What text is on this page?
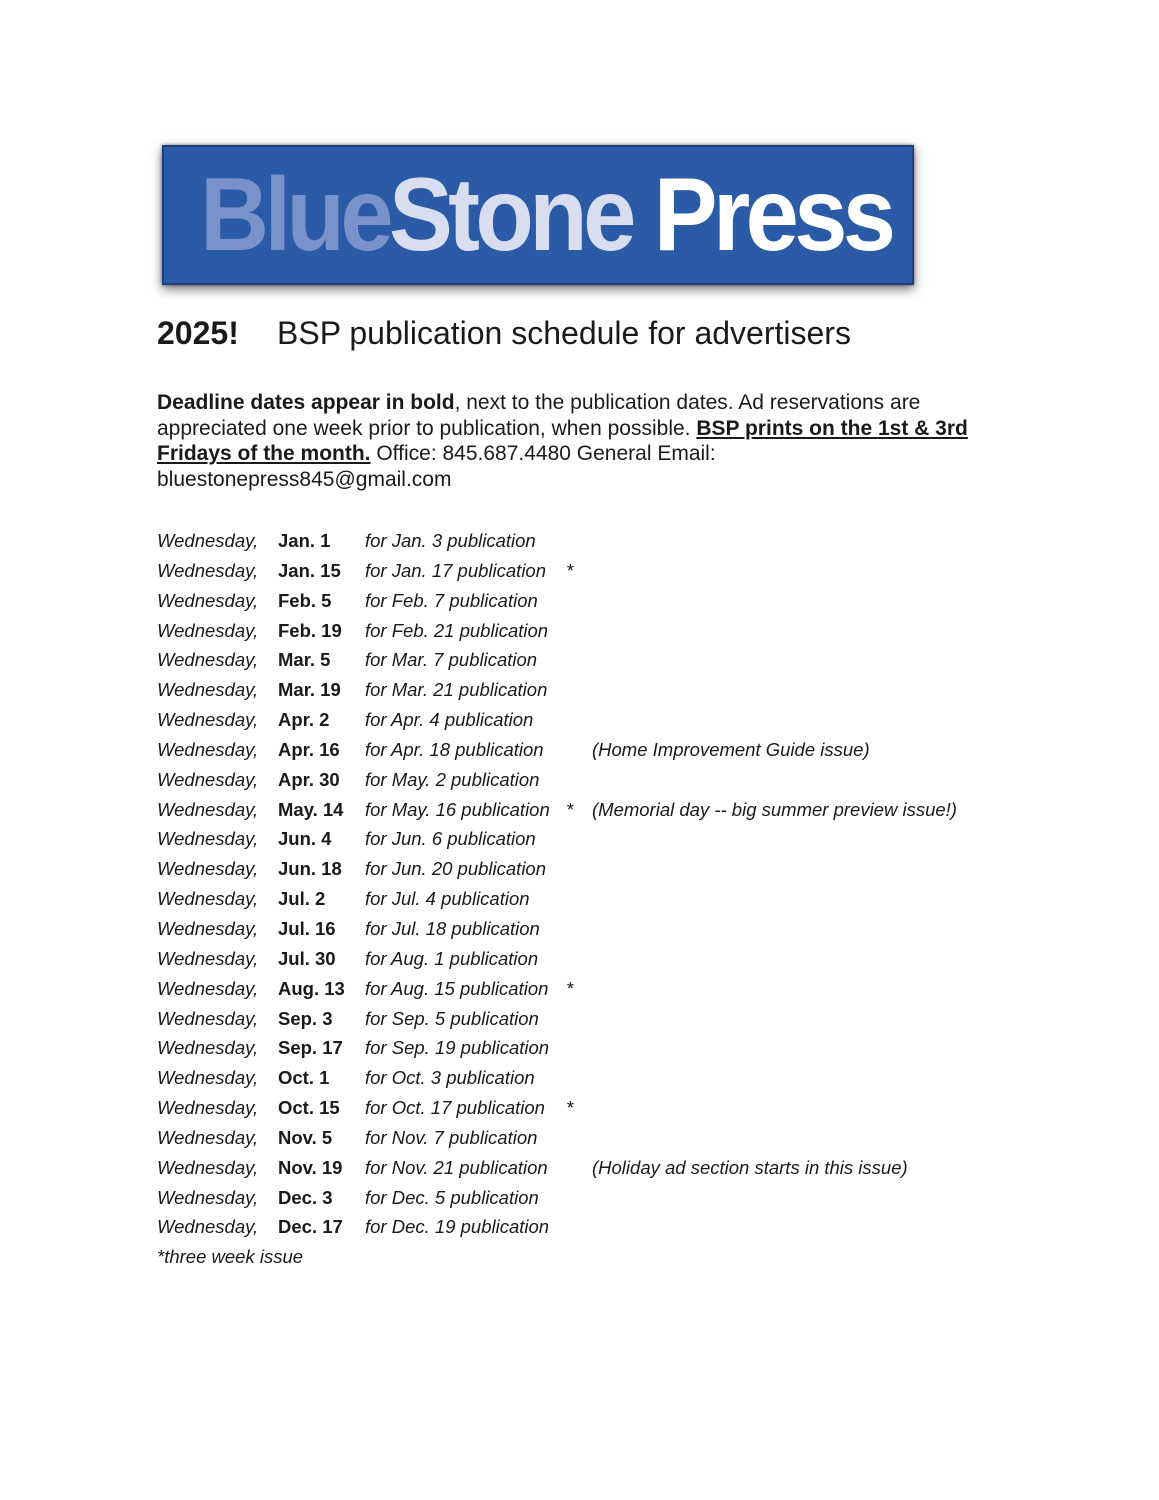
BlueStone Press
2025! BSP publication schedule for advertisers
Deadline dates appear in bold, next to the publication dates. Ad reservations are appreciated one week prior to publication, when possible. BSP prints on the 1st & 3rd Fridays of the month. Office: 845.687.4480 General Email: bluestonepress845@gmail.com
Wednesday, Jan. 1 for Jan. 3 publication
Wednesday, Jan. 15 for Jan. 17 publication *
Wednesday, Feb. 5 for Feb. 7 publication
Wednesday, Feb. 19 for Feb. 21 publication
Wednesday, Mar. 5 for Mar. 7 publication
Wednesday, Mar. 19 for Mar. 21 publication
Wednesday, Apr. 2 for Apr. 4 publication
Wednesday, Apr. 16 for Apr. 18 publication	(Home Improvement Guide issue)
Wednesday, Apr. 30 for May. 2 publication
Wednesday, May. 14 for May. 16 publication * (Memorial day -- big summer preview issue!)
Wednesday, Jun. 4 for Jun. 6 publication
Wednesday, Jun. 18 for Jun. 20 publication
Wednesday, Jul. 2 for Jul. 4 publication
Wednesday, Jul. 16 for Jul. 18 publication
Wednesday, Jul. 30 for Aug. 1 publication
Wednesday, Aug. 13 for Aug. 15 publication *
Wednesday, Sep. 3 for Sep. 5 publication
Wednesday, Sep. 17 for Sep. 19 publication
Wednesday, Oct. 1 for Oct. 3 publication
Wednesday, Oct. 15 for Oct. 17 publication *
Wednesday, Nov. 5 for Nov. 7 publication
Wednesday, Nov. 19 for Nov. 21 publication (Holiday ad section starts in this issue)
Wednesday, Dec. 3 for Dec. 5 publication
Wednesday, Dec. 17 for Dec. 19 publication
*three week issue
